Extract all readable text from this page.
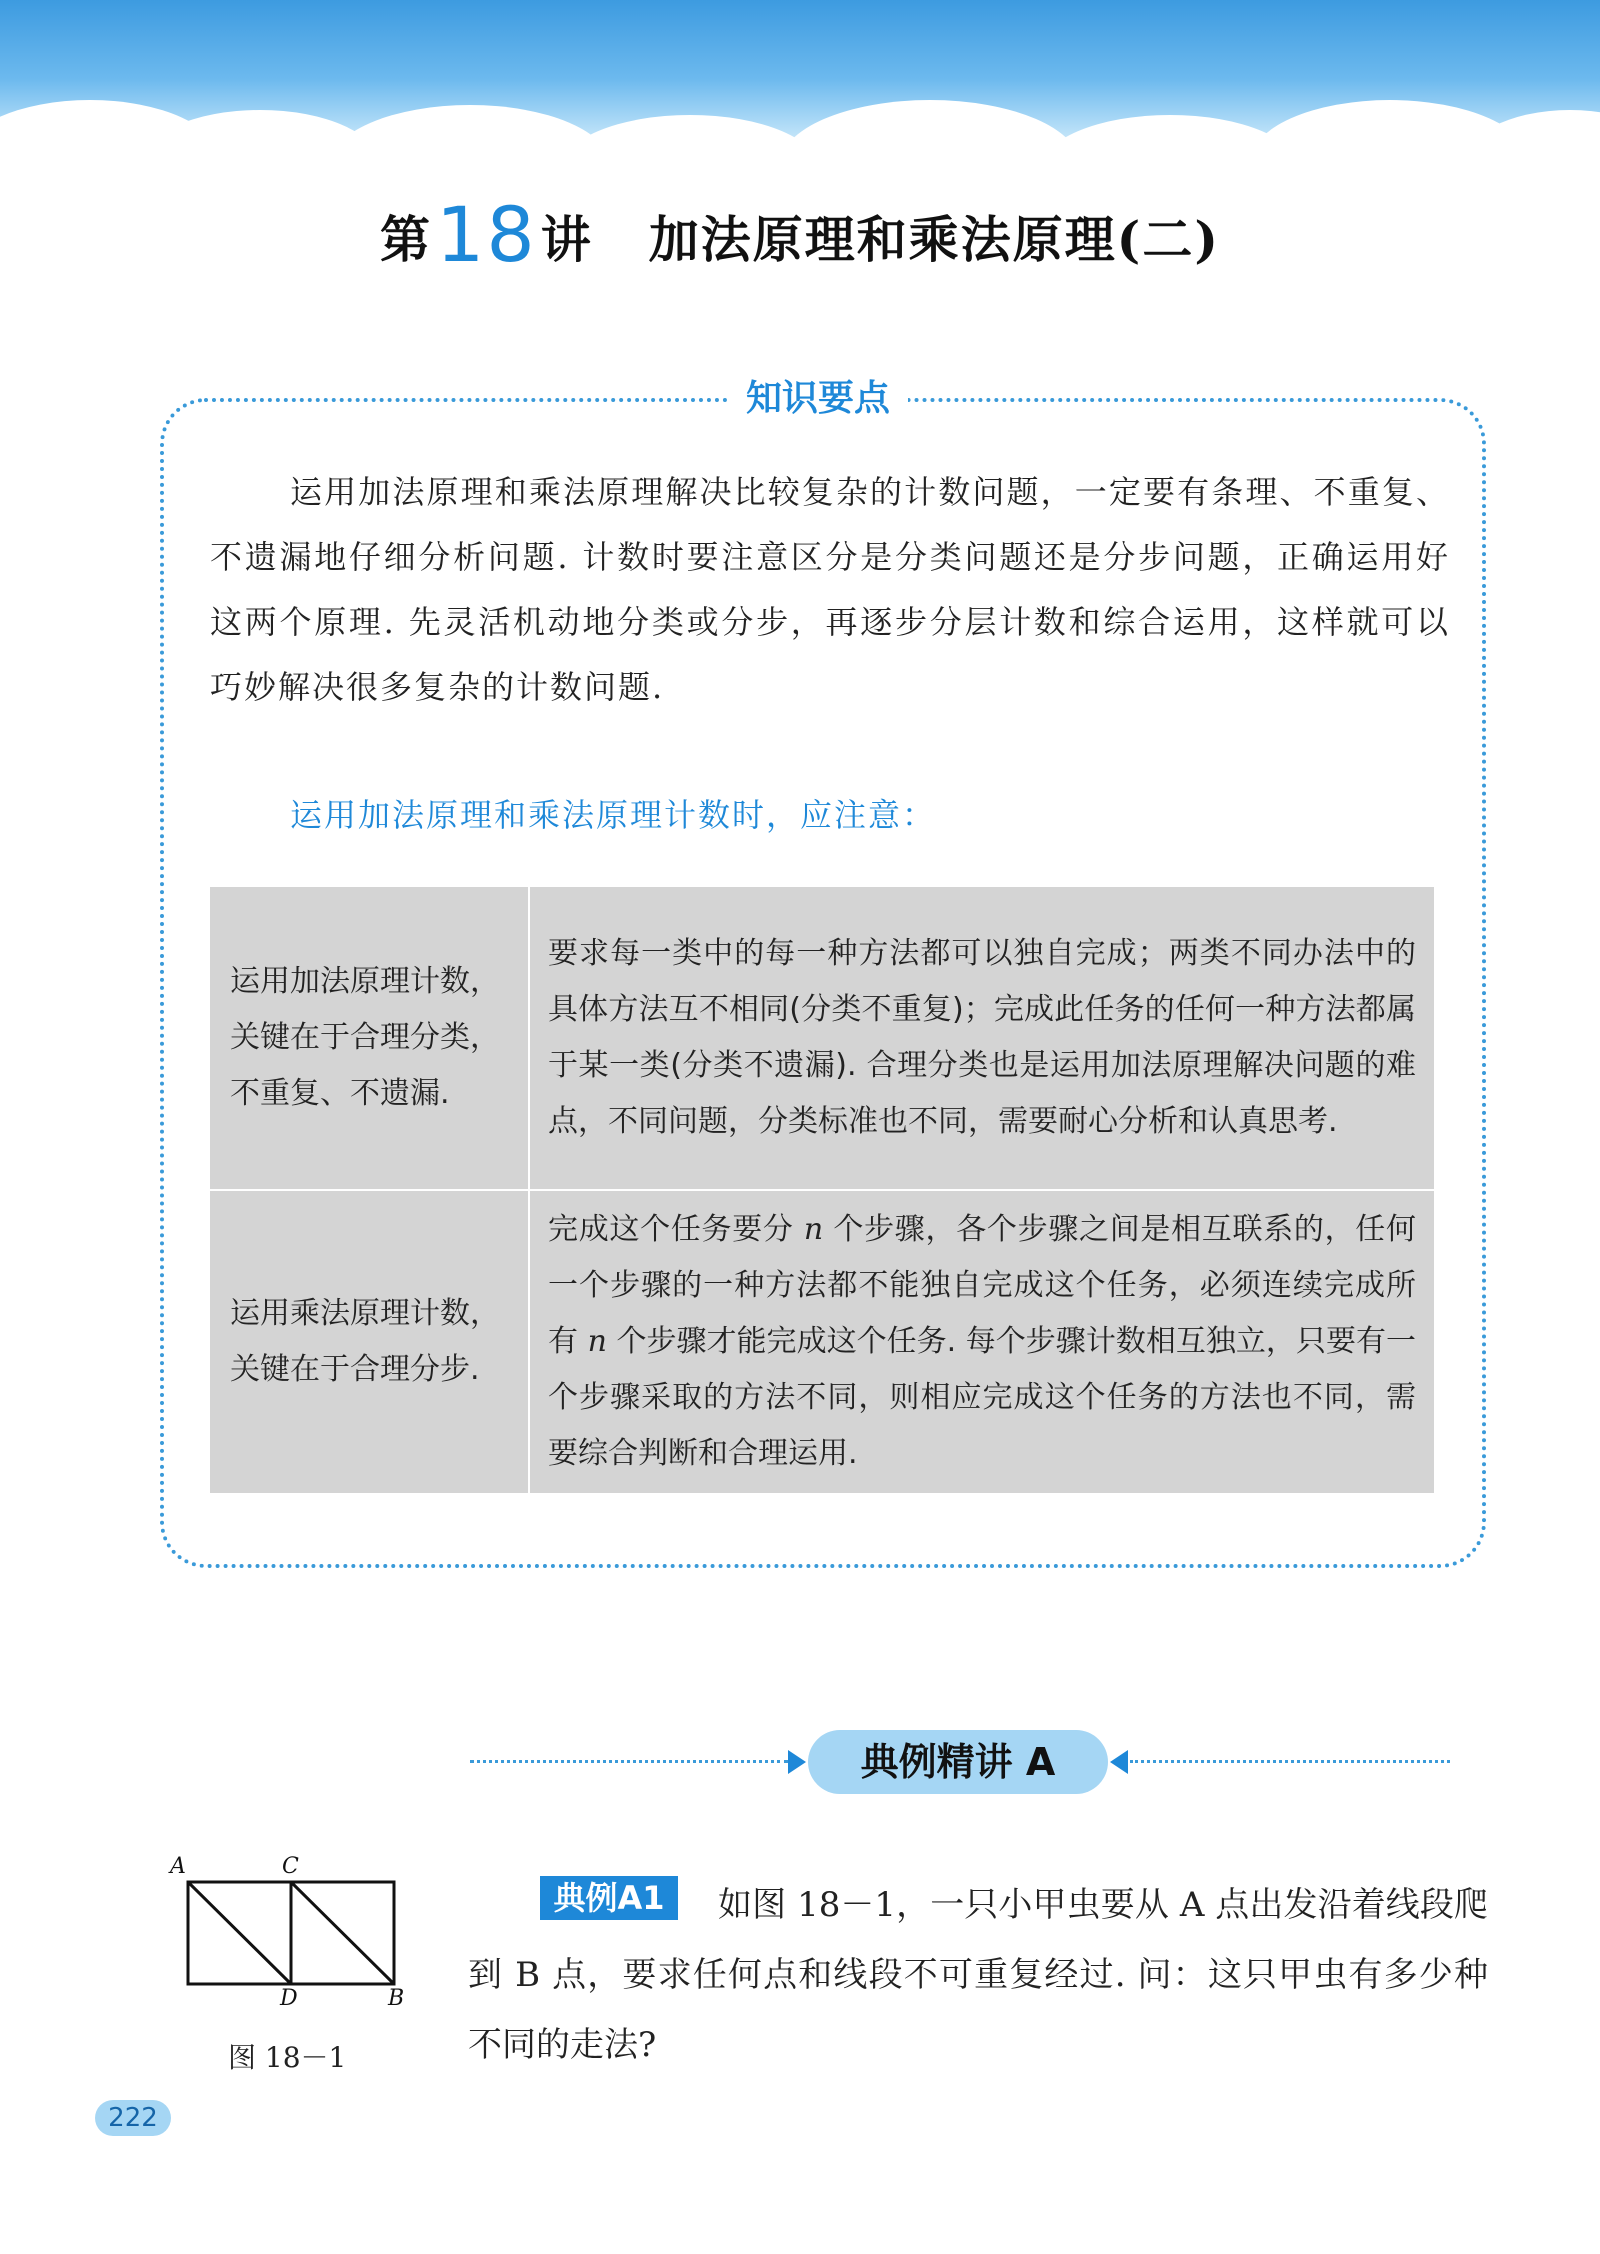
第18讲 加法原理和乘法原理(二)
知识要点
运用加法原理和乘法原理解决比较复杂的计数问题，一定要有条理、不重复、不遗漏地仔细分析问题. 计数时要注意区分是分类问题还是分步问题，正确运用好这两个原理. 先灵活机动地分类或分步，再逐步分层计数和综合运用，这样就可以巧妙解决很多复杂的计数问题.
运用加法原理和乘法原理计数时，应注意：
运用加法原理计数，关键在于合理分类，不重复、不遗漏.	要求每一类中的每一种方法都可以独自完成；两类不同办法中的具体方法互不相同(分类不重复)；完成此任务的任何一种方法都属于某一类(分类不遗漏). 合理分类也是运用加法原理解决问题的难点，不同问题，分类标准也不同，需要耐心分析和认真思考.
运用乘法原理计数，关键在于合理分步.	完成这个任务要分 n 个步骤，各个步骤之间是相互联系的，任何一个步骤的一种方法都不能独自完成这个任务，必须连续完成所有 n 个步骤才能完成这个任务. 每个步骤计数相互独立，只要有一个步骤采取的方法不同，则相应完成这个任务的方法也不同，需要综合判断和合理运用.
典例精讲 A
A	C
D	B
图 18－1
如图 18－1，一只小甲虫要从 A 点出发沿着线段爬到 B 点，要求任何点和线段不可重复经过. 问：这只甲虫有多少种不同的走法?
典例A1
222
